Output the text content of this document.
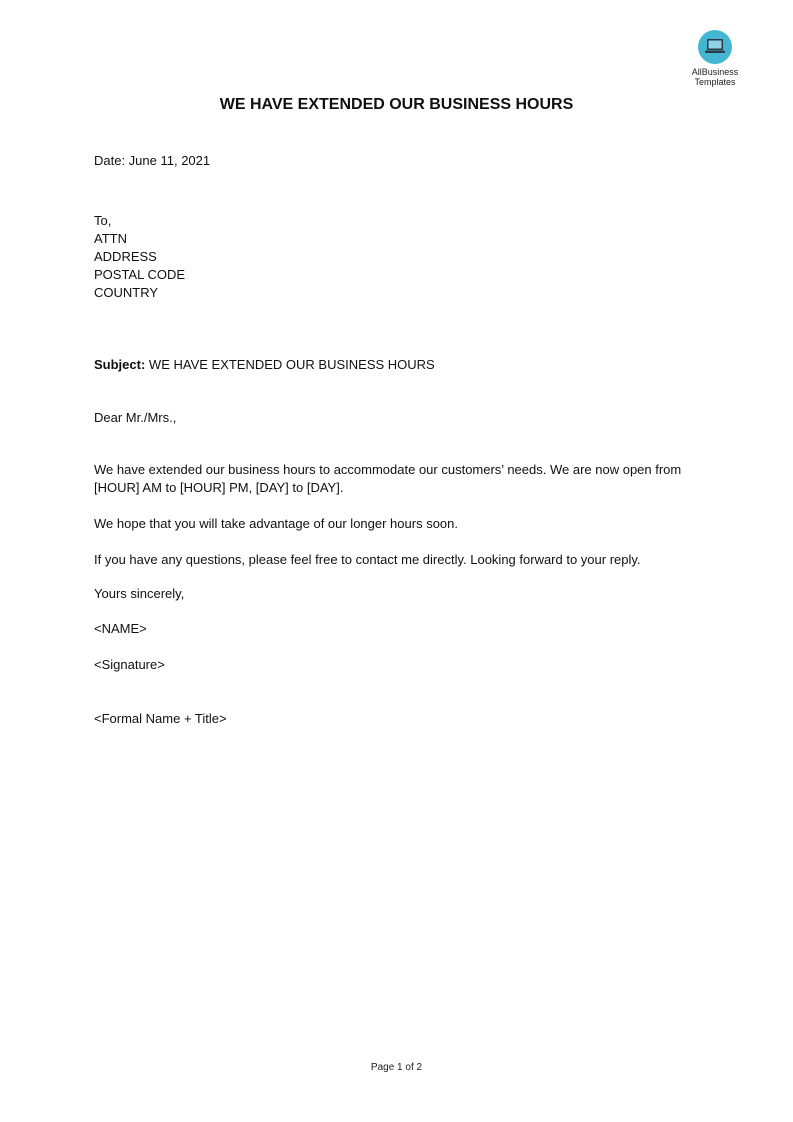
AllBusiness
Templates
WE HAVE EXTENDED OUR BUSINESS HOURS
Date: June 11, 2021
To,
ATTN
ADDRESS
POSTAL CODE
COUNTRY
Subject: WE HAVE EXTENDED OUR BUSINESS HOURS
Dear Mr./Mrs.,
We have extended our business hours to accommodate our customers’ needs. We are now open from [HOUR] AM to [HOUR] PM, [DAY] to [DAY].
We hope that you will take advantage of our longer hours soon.
If you have any questions, please feel free to contact me directly. Looking forward to your reply.
Yours sincerely,
<NAME>
<Signature>
<Formal Name + Title>
Page 1 of 2
